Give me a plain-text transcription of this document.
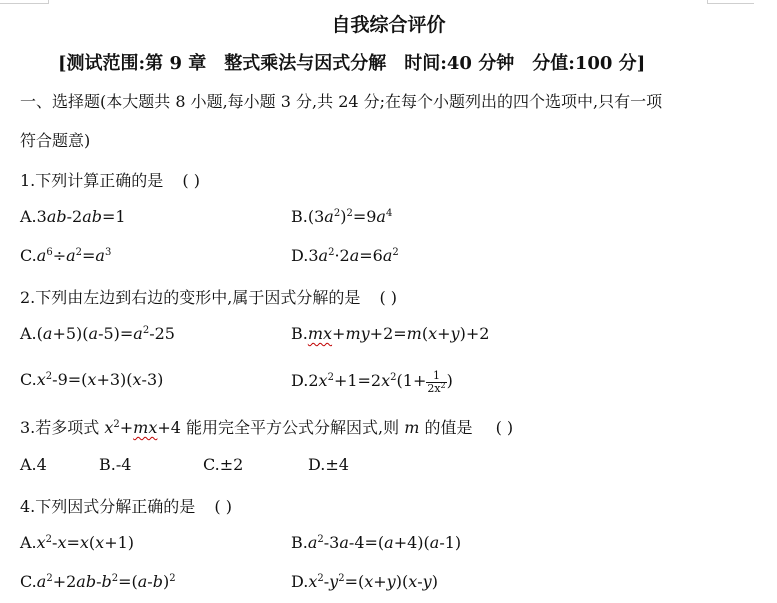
自我综合评价
[测试范围:第 9 章 整式乘法与因式分解 时间:40 分钟 分值:100 分]
一、选择题(本大题共 8 小题,每小题 3 分,共 24 分;在每个小题列出的四个选项中,只有一项
符合题意)
1.下列计算正确的是 ( )
A.3ab-2ab=1	$B.(3a^2)^2=9a^4$
$C.a^6\div a^2=a^3$	$D.3a^2\cdot 2a=6a^2$
2.下列由左边到右边的变形中,属于因式分解的是 ( )
$A.(a+5)(a-5)=a^2-25$	B.mx+my+2=m(x+y)+2
$C.x^2-9=(x+3)(x-3)$	$D.2x^2+1=2x^2(1+ \frac{1}{2x^2}$ )
3.若多项式 $x^2+mx+4$ 能用完全平方公式分解因式,则 m 的值是 ( )
A.4	B.-4	C.±2	D.±4
4.下列因式分解正确的是 ( )
$A.x^2-x=x(x+1)$	$B.a^2-3a-4=(a+4)(a-1)$
$C.a^2+2ab-b^2=(a-b)^2$	$D.x^2-y^2=(x+y)(x-y)$
